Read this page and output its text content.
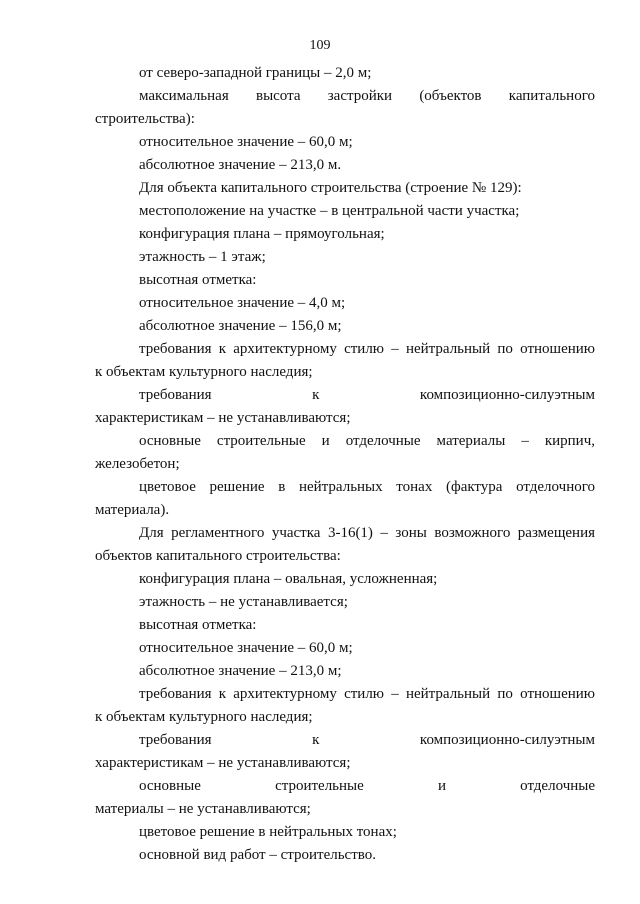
109
от северо-западной границы – 2,0 м;
максимальная высота застройки (объектов капитального
строительства):
относительное значение – 60,0 м;
абсолютное значение – 213,0 м.
Для объекта капитального строительства (строение № 129):
местоположение на участке – в центральной части участка;
конфигурация плана – прямоугольная;
этажность – 1 этаж;
высотная отметка:
относительное значение – 4,0 м;
абсолютное значение – 156,0 м;
требования к архитектурному стилю – нейтральный по отношению
к объектам культурного наследия;
требования к композиционно-силуэтным
характеристикам – не устанавливаются;
основные строительные и отделочные материалы – кирпич,
железобетон;
цветовое решение в нейтральных тонах (фактура отделочного
материала).
Для регламентного участка 3-16(1) – зоны возможного размещения
объектов капитального строительства:
конфигурация плана – овальная, усложненная;
этажность – не устанавливается;
высотная отметка:
относительное значение – 60,0 м;
абсолютное значение – 213,0 м;
требования к архитектурному стилю – нейтральный по отношению
к объектам культурного наследия;
требования к композиционно-силуэтным
характеристикам – не устанавливаются;
основные строительные и отделочные
материалы – не устанавливаются;
цветовое решение в нейтральных тонах;
основной вид работ – строительство.
